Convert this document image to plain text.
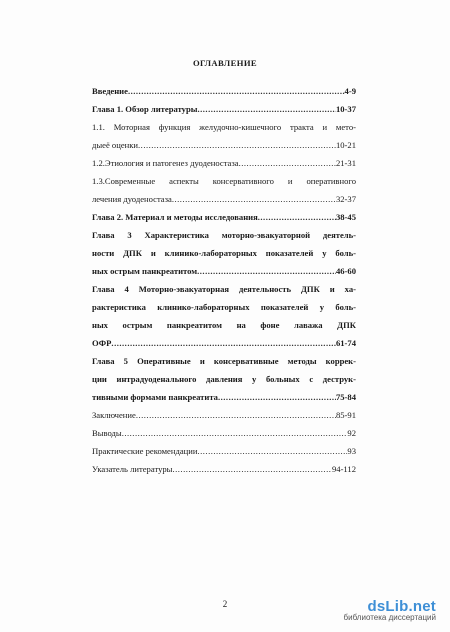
ОГЛАВЛЕНИЕ
Введение .....	4-9
Глава 1. Обзор литературы .....	10-37
1.1. Моторная функция желудочно-кишечного тракта и мето-
дыeё оценки .....	10-21
1.2.Этиология и патогенез дуоденостаза .....	21-31
1.3.Современные аспекты консервативного и оперативного
лечения дуоденостаза .....	32-37
Глава 2. Материал и методы исследования .....	38-45
Глава 3 Характеристика моторно-эвакуаторной деятель-
ности ДПК и клинико-лабораторных показателей у боль-
ных острым панкреатитом .....	46-60
Глава 4 Моторно-эвакуаторная деятельность ДПК и ха-
рактеристика клинико-лабораторных показателей у боль-
ных острым панкреатитом на фоне лаважа ДПК
ОФР .....	61-74
Глава 5 Оперативные и консервативные методы коррек-
ции интрадуоденального давления у больных с деструк-
тивными формами панкреатита .....	75-84
Заключение .....	85-91
Выводы .....	92
Практические рекомендации .....	93
Указатель литературы .....	94-112
2	dsLib.net
библиотека диссертаций
